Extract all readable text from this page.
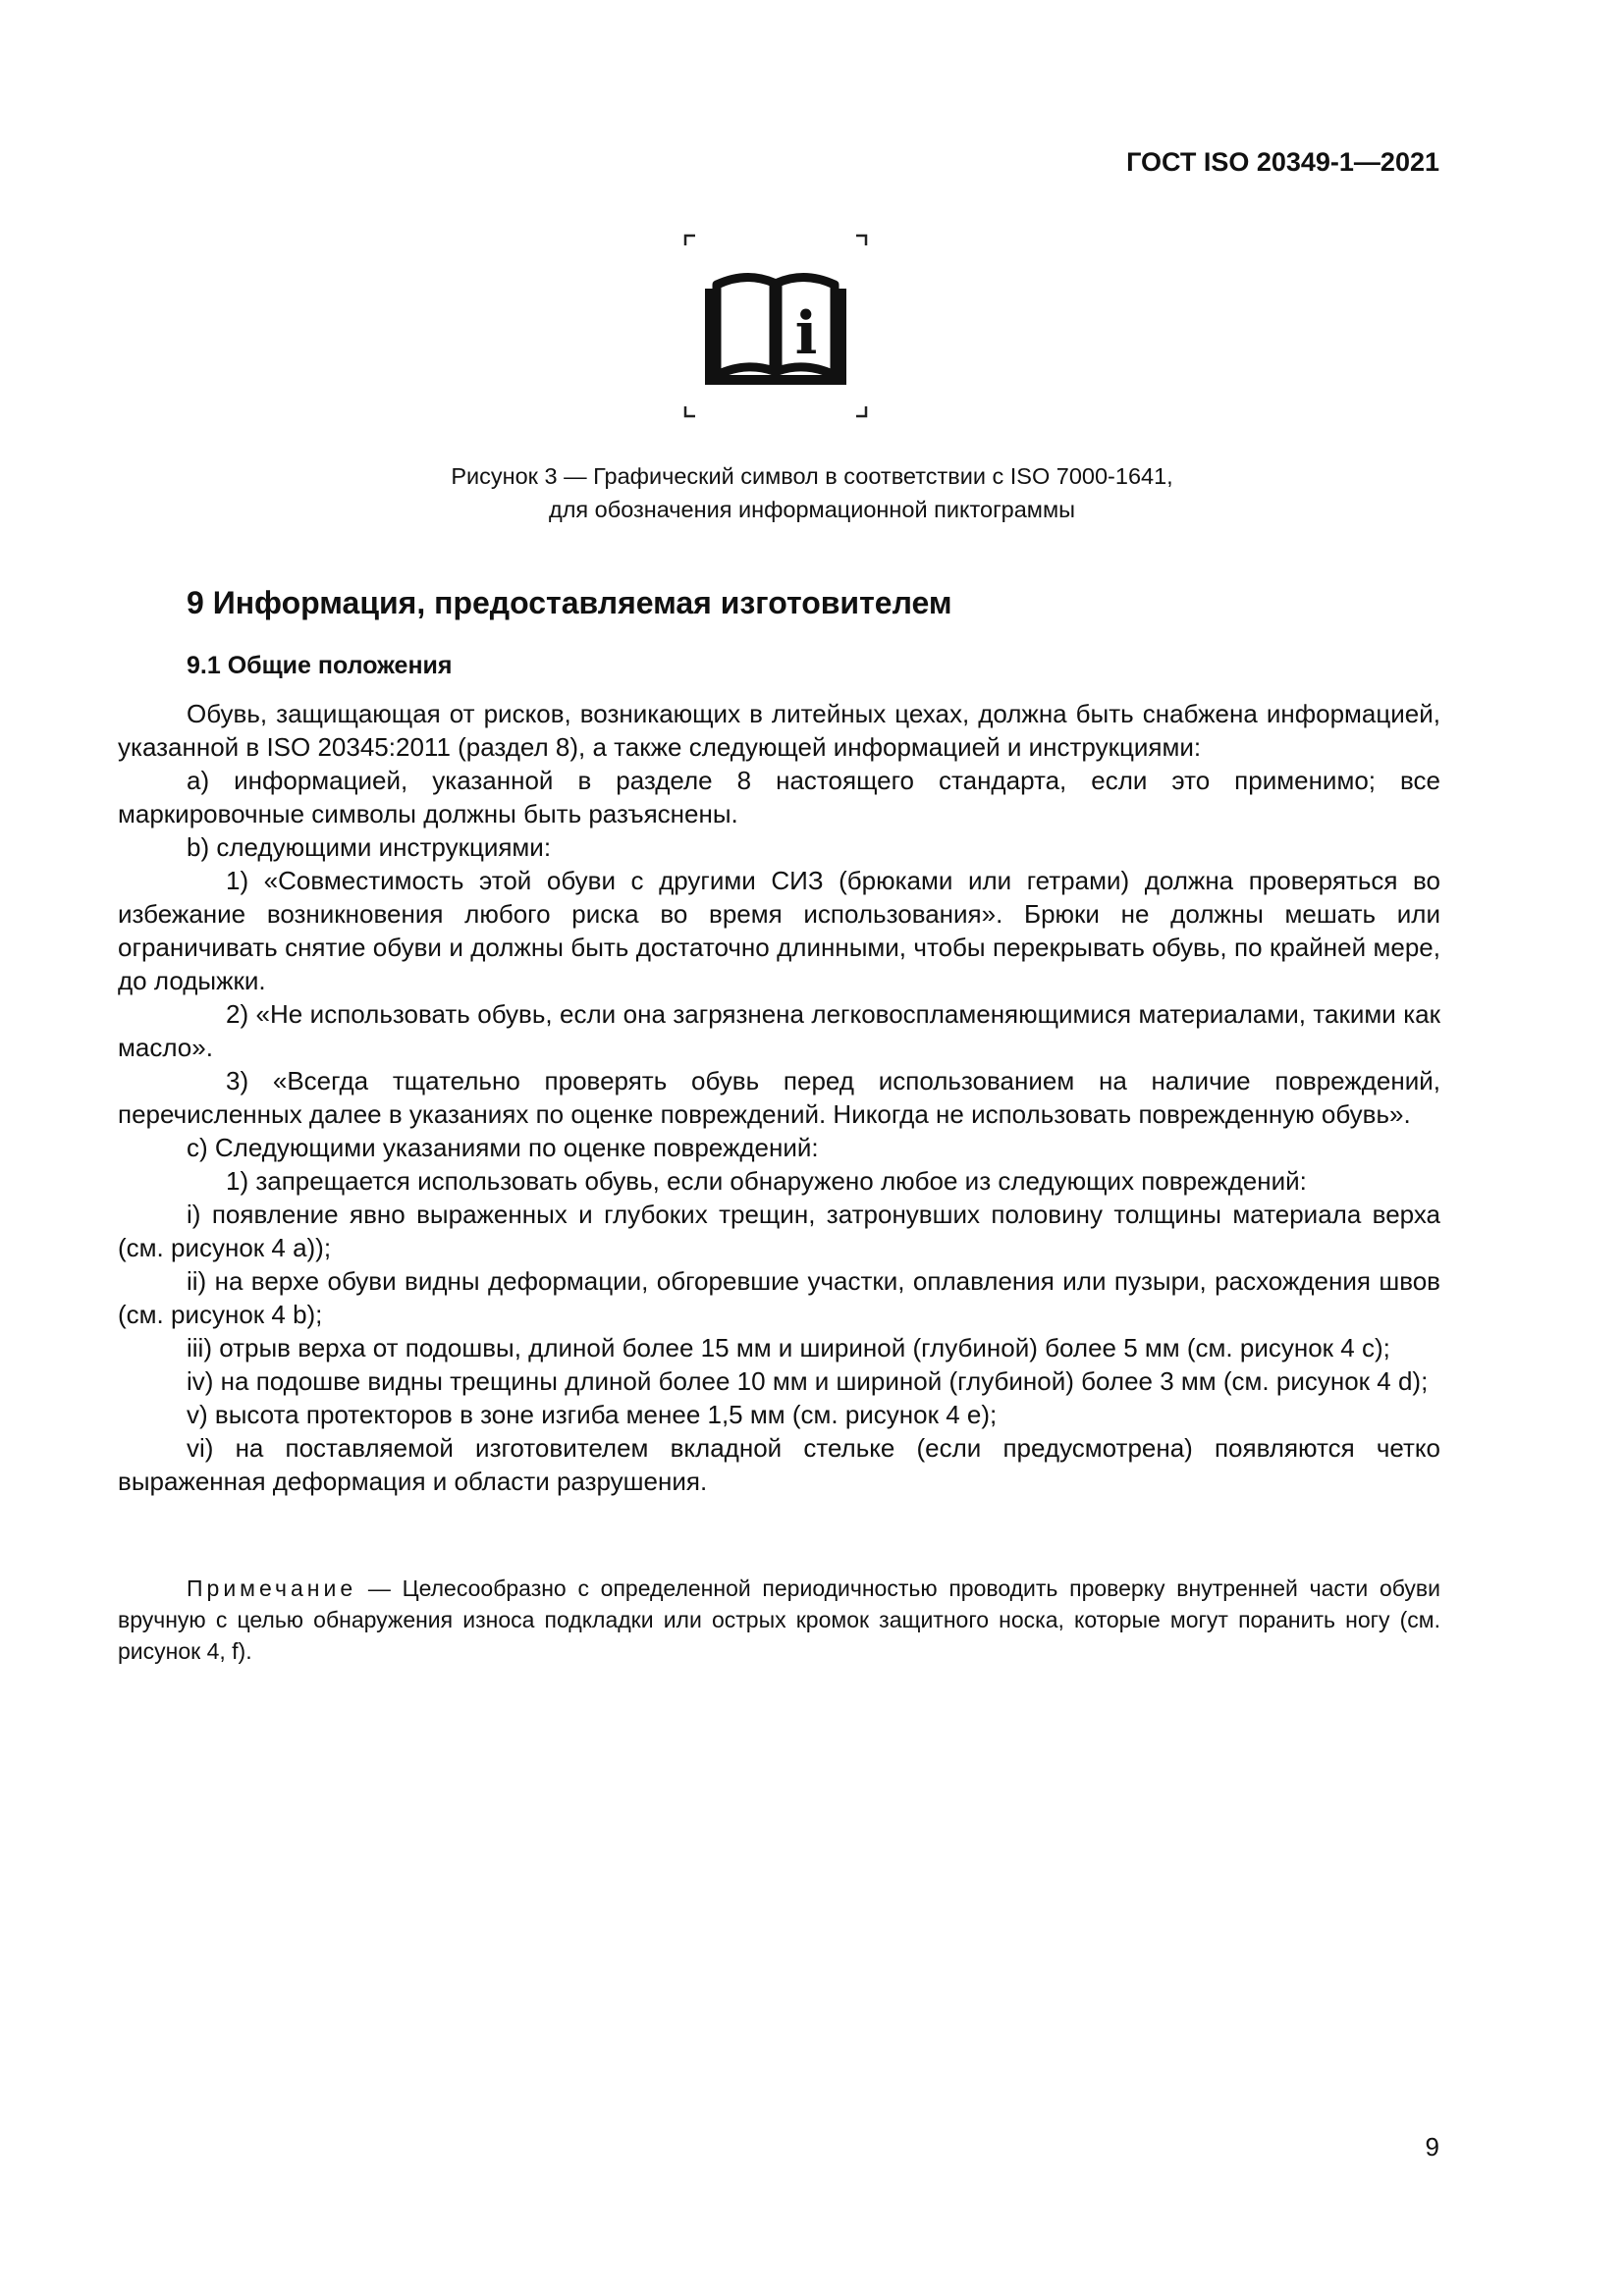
ГОСТ ISO 20349-1—2021
i
Рисунок 3 — Графический символ в соответствии с ISO 7000-1641,
для обозначения информационной пиктограммы
9 Информация, предоставляемая изготовителем
9.1 Общие положения

Обувь, защищающая от рисков, возникающих в литейных цехах, должна быть снабжена информацией, указанной в ISO 20345:2011 (раздел 8), а также следующей информацией и инструкциями:

a) информацией, указанной в разделе 8 настоящего стандарта, если это применимо; все маркировочные символы должны быть разъяснены.

b) следующими инструкциями:

1) «Совместимость этой обуви с другими СИЗ (брюками или гетрами) должна проверяться во избежание возникновения любого риска во время использования». Брюки не должны мешать или ограничивать снятие обуви и должны быть достаточно длинными, чтобы перекрывать обувь, по крайней мере, до лодыжки.

2) «Не использовать обувь, если она загрязнена легковоспламеняющимися материалами, такими как масло».

3) «Всегда тщательно проверять обувь перед использованием на наличие повреждений, перечисленных далее в указаниях по оценке повреждений. Никогда не использовать поврежденную обувь».

c) Следующими указаниями по оценке повреждений:

1) запрещается использовать обувь, если обнаружено любое из следующих повреждений:

i) появление явно выраженных и глубоких трещин, затронувших половину толщины материала верха (см. рисунок 4 a));

ii) на верхе обуви видны деформации, обгоревшие участки, оплавления или пузыри, расхождения швов (см. рисунок 4 b);

iii) отрыв верха от подошвы, длиной более 15 мм и шириной (глубиной) более 5 мм (см. рисунок 4 c);

iv) на подошве видны трещины длиной более 10 мм и шириной (глубиной) более 3 мм (см. рисунок 4 d);

v) высота протекторов в зоне изгиба менее 1,5 мм (см. рисунок 4 e);

vi) на поставляемой изготовителем вкладной стельке (если предусмотрена) появляются четко выраженная деформация и области разрушения.

Примечание — Целесообразно с определенной периодичностью проводить проверку внутренней части обуви вручную с целью обнаружения износа подкладки или острых кромок защитного носка, которые могут поранить ногу (см. рисунок 4, f).
9
